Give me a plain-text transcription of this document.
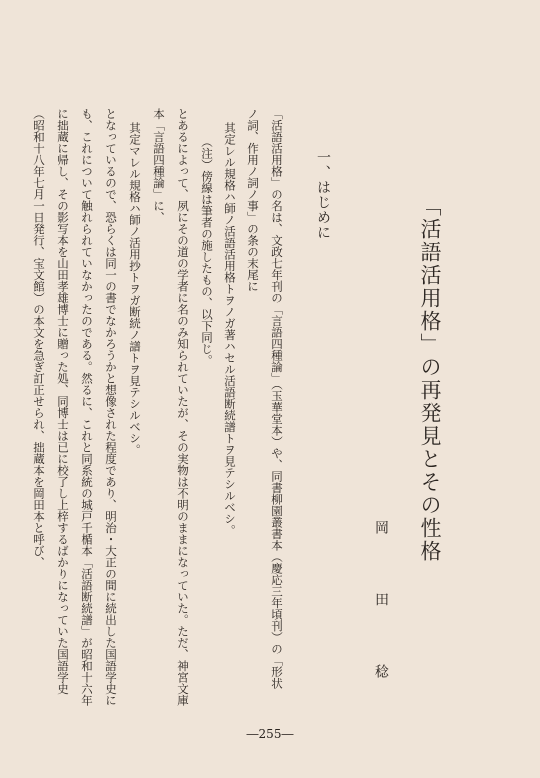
「活語活用格」の再発見とその性格
岡　田　稔
一、はじめに
「活語活用格」の名は、文政七年刊の「言語四種論」（玉華堂本）や、同書柳園叢書本（慶応三年頃刊）の「形状
ノ詞、作用ノ詞ノ事」の条の末尾に
其定レル規格ハ師ノ活語活用格トヲノガ著ハセル活語断続譜トヲ見テシルベシ。
（注）傍線は筆者の施したもの、以下同じ。
とあるによって、夙にその道の学者に名のみ知られていたが、その実物は不明のままになっていた。ただ、神宮文庫
本「言語四種論」に、
其定マレル規格ハ師ノ活用抄トヲガ断続ノ譜トヲ見テシルベシ。
となっているので、恐らくは同一の書でなかろうかと想像された程度であり、明治・大正の間に続出した国語学史に
も、これについて触れられていなかったのである。然るに、これと同系統の城戸千楯本「活語断続譜」が昭和十六年
に拙蔵に帰し、その影写本を山田孝雄博士に贈った処、同博士は已に校了し上梓するばかりになっていた国語学史
（昭和十八年七月一日発行、宝文館）の本文を急ぎ訂正せられ、拙蔵本を岡田本と呼び、
―255―
